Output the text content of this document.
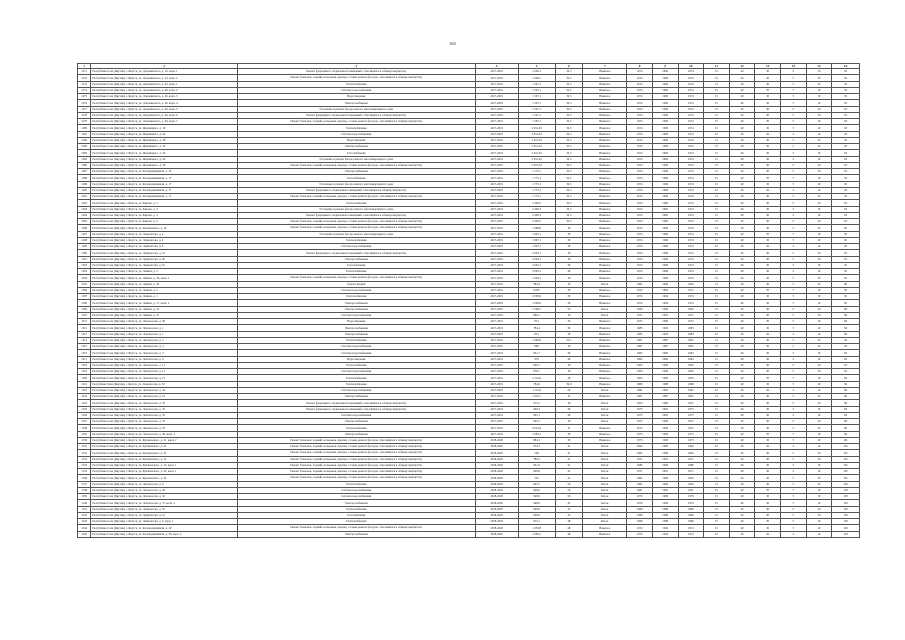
165
1	2	3	4	5	6	7	8	9	10	11	12	13	14	15	16
1271	Республика Саха (Якутия), г. Якутск, ул. Дзержинского, д. 19, корп. 1	Ремонт фундамента, подвальных помещений, относящихся к общему имуществу	2017-2019	1 096,1	32,5	Нежилое	1974	1982	1974	15	40	30	5	10	92
1272	Республика Саха (Якутия), г. Якутск, ул. Дзержинского, д. 19, корп. 2	Ремонт балконов, лоджий, козырьков, крылец, а также ремонт фасадов, относящихся к общему имуществу	2017-2019	1 096,1	32,5	Нежилое	1974	1982	1974	15	40	30	5	10	92
1273	Республика Саха (Якутия), г. Якутск, ул. Дзержинского, д. 46, корп. 1	Теплоснабжение	2017-2019	1 597,1	32,5	Нежилое	1974	1982	1974	15	40	30	5	10	93
1274	Республика Саха (Якутия), г. Якутск, ул. Дзержинского, д. 46, корп. 2	Система водоснабжения	2017-2019	1 597,1	32,5	Нежилое	1974	1982	1974	15	40	30	5	10	93
1275	Республика Саха (Якутия), г. Якутск, ул. Дзержинского, д. 46, корп. 3	Водоотведение	2017-2019	1 597,1	32,5	Нежилое	1974	1982	1974	15	40	30	5	10	93
1276	Республика Саха (Якутия), г. Якутск, ул. Дзержинского, д. 46, корп. 4	Электроснабжение	2017-2019	1 597,1	32,5	Нежилое	1974	1982	1974	15	40	30	5	10	93
1277	Республика Саха (Якутия), г. Якутск, ул. Дзержинского, д. 46, корп. 5	Утепление и ремонт фасада жилого многоквартирного дома	2017-2019	1 597,1	32,5	Нежилое	1974	1982	1974	15	40	30	5	10	93
1278	Республика Саха (Якутия), г. Якутск, ул. Дзержинского, д. 46, корп. 6	Ремонт фундамента, подвальных помещений, относящихся к общему имуществу	2017-2019	1 597,1	32,5	Нежилое	1974	1982	1974	15	40	30	5	10	93
1279	Республика Саха (Якутия), г. Якутск, ул. Дзержинского, д. 46, корп. 7	Ремонт балконов, лоджий, козырьков, крылец, а также ремонт фасадов, относящихся к общему имуществу	2017-2019	1 597,1	32,5	Нежилое	1974	1982	1974	15	40	30	5	10	93
1280	Республика Саха (Якутия), г. Якутск, ул. Жорницкого, д. 19	Теплоснабжение	2017-2019	2 631,29	32,5	Нежилое	1974	1983	1974	15	40	30	5	10	93
1281	Республика Саха (Якутия), г. Якутск, ул. Жорницкого, д. 24	Система водоснабжения	2017-2019	2 631,29	32,5	Нежилое	1974	1983	1974	15	40	30	5	10	93
1282	Республика Саха (Якутия), г. Якутск, ул. Жорницкого, д. 28	Водоотведение	2017-2019	2 631,29	32,5	Нежилое	1974	1983	1974	15	40	30	5	10	93
1283	Республика Саха (Якутия), г. Якутск, ул. Жорницкого, д. 30	Электроснабжение	2017-2019	2 631,29	32,5	Нежилое	1974	1983	1974	15	40	30	5	10	93
1284	Республика Саха (Якутия), г. Якутск, ул. Жорницкого, д. 32	Газоснабжение	2017-2019	2 631,29	32,5	Нежилое	1974	1983	1974	15	40	30	5	10	93
1285	Республика Саха (Якутия), г. Якутск, ул. Жорницкого, д. 29	Утепление и ремонт фасада жилого многоквартирного дома	2017-2019	2 631,29	32,5	Нежилое	1974	1983	1974	15	40	30	5	10	93
1286	Республика Саха (Якутия), г. Якутск, ул. Жорницкого, д. 29	Ремонт балконов, лоджий, козырьков, крылец, а также ремонт фасадов, относящихся к общему имуществу	2017-2019	2 631,29	32,5	Нежилое	1974	1983	1974	15	40	30	5	10	93
1287	Республика Саха (Якутия), г. Якутск, ул. Каландаришвили, д. 19	Электроснабжение	2017-2019	1 775,1	32,5	Нежилое	1974	1984	1974	15	40	30	5	10	93
1288	Республика Саха (Якутия), г. Якутск, ул. Каландаришвили, д. 17	Газоснабжение	2017-2019	1 775,1	32,5	Нежилое	1974	1984	1974	15	40	30	5	10	93
1289	Республика Саха (Якутия), г. Якутск, ул. Каландаришвили, д. 17	Утепление и ремонт фасада жилого многоквартирного дома	2017-2019	1 775,1	32,5	Нежилое	1974	1984	1974	15	40	30	5	10	93
1290	Республика Саха (Якутия), г. Якутск, ул. Каландаришвили, д. 17	Ремонт фундамента, подвальных помещений, относящихся к общему имуществу	2017-2019	1 775,1	32,5	Нежилое	1974	1984	1974	15	40	30	5	10	93
1291	Республика Саха (Якутия), г. Якутск, ул. Каландаришвили, д. 17	Ремонт балконов, лоджий, козырьков, крылец, а также ремонт фасадов, относящихся к общему имуществу	2017-2019	1 775,1	32,5	Нежилое	1974	1984	1974	15	40	30	5	10	93
1292	Республика Саха (Якутия), г. Якутск, ул. Кирова, д. 3	Теплоснабжение	2017-2019	2 409,3	32,5	Нежилое	1974	1985	1974	15	40	30	5	10	93
1293	Республика Саха (Якутия), г. Якутск, ул. Кирова, д. 3	Утепление и ремонт фасада жилого многоквартирного дома	2017-2019	2 409,3	32,5	Нежилое	1974	1985	1974	15	40	30	5	10	93
1294	Республика Саха (Якутия), г. Якутск, ул. Кирова, д. 3	Ремонт фундамента, подвальных помещений, относящихся к общему имуществу	2017-2019	2 409,3	32,5	Нежилое	1974	1985	1974	15	40	30	5	10	93
1295	Республика Саха (Якутия), г. Якутск, ул. Кирова, д. 3	Ремонт балконов, лоджий, козырьков, крылец, а также ремонт фасадов, относящихся к общему имуществу	2017-2019	2 409,3	32,5	Нежилое	1974	1985	1974	15	40	30	5	10	93
1296	Республика Саха (Якутия), г. Якутск, ул. Кулаковского, д. 19	Ремонт балконов, лоджий, козырьков, крылец, а также ремонт фасадов, относящихся к общему имуществу	2017-2019	1 988,6	39	Нежилое	1974	1995	1974	15	40	30	5	10	95
1297	Республика Саха (Якутия), г. Якутск, ул. Лермонтова, д. 4	Утепление и ремонт фасада жилого многоквартирного дома	2017-2019	1 997,1	39	Нежилое	1974	1996	1974	15	40	30	5	10	95
1298	Республика Саха (Якутия), г. Якутск, ул. Лермонтова, д. 4	Теплоснабжение	2017-2019	1 997,1	39	Нежилое	1974	1996	1974	15	40	30	5	10	95
1299	Республика Саха (Якутия), г. Якутск, ул. Лермонтова, д. 4	Система водоснабжения	2017-2019	1 997,1	39	Нежилое	1974	1996	1974	15	40	30	5	10	95
1300	Республика Саха (Якутия), г. Якутск, ул. Лермонтова, д. 19	Ремонт фундамента, подвальных помещений, относящихся к общему имуществу	2017-2019	2 003,1	39	Нежилое	1974	1996	1974	15	40	30	5	10	95
1301	Республика Саха (Якутия), г. Якутск, ул. Лермонтова, д. 28	Электроснабжение	2017-2019	2 003,1	39	Нежилое	1974	1996	1974	15	40	30	5	10	95
1302	Республика Саха (Якутия), г. Якутск, ул. Лермонтова, д. 32	Газоснабжение	2017-2019	2 003,1	39	Нежилое	1974	1996	1974	15	40	30	5	10	95
1303	Республика Саха (Якутия), г. Якутск, ул. Ленина, д. 3	Теплоснабжение	2017-2019	2 003,1	39	Нежилое	1974	1996	1974	15	40	30	5	10	95
1304	Республика Саха (Якутия), г. Якутск, ул. Ленина, д. 30, корп. 2	Ремонт балконов, лоджий, козырьков, крылец, а также ремонт фасадов, относящихся к общему имуществу	2017-2019	1 003,1	39	Нежилое	1974	1996	1974	15	40	30	5	10	95
1305	Республика Саха (Якутия), г. Якутск, ул. Ленина, д. 30	Ремонт крыши	2017-2019	584,4	30	Бетон	1962	1984	1962	15	40	30	5	10	86
1306	Республика Саха (Якутия), г. Якутск, ул. Ленина, д. 2	Система водоснабжения	2017-2019	9 697	39	Нежилое	1972	1992	1972	15	40	30	5	10	95
1307	Республика Саха (Якутия), г. Якутск, ул. Ленина, д. 1	Теплоснабжение	2017-2019	2 009,6	39	Нежилое	1974	1994	1974	15	40	30	5	10	95
1308	Республика Саха (Якутия), г. Якутск, ул. Ленина, д. 17, корп. 2	Электроснабжение	2017-2019	1 009,6	39	Нежилое	1974	1994	1974	15	40	30	5	10	95
1309	Республика Саха (Якутия), г. Якутск, ул. Ленина, д. 22	Электроснабжение	2017-2019	1 598,1	54	Бетон	1956	1984	1956	15	40	30	5	10	84
1310	Республика Саха (Якутия), г. Якутск, ул. Ленина, д. 41	Система водоснабжения	2017-2019	866,1	30	Бетон	1971	1991	1971	15	40	30	5	10	84
1311	Республика Саха (Якутия), г. Якутск, ул. Ломоносова, д. 39	Водоотведение	2017-2019	851	39	Нежилое	1972	1982	1972	15	40	30	5	10	84
1312	Республика Саха (Якутия), г. Якутск, ул. Ломоносова, д. 1	Электроснабжение	2017-2019	784,4	39	Нежилое	1983	1993	1983	15	40	30	5	10	84
1313	Республика Саха (Якутия), г. Якутск, ул. Ломоносова, д. 1	Электроснабжение	2017-2019	831	39	Нежилое	1983	1993	1983	15	40	30	5	10	84
1314	Республика Саха (Якутия), г. Якутск, ул. Ломоносова, д. 2	Теплоснабжение	2017-2019	1 009,6	52,1	Нежилое	1967	1987	1967	15	40	30	5	10	92
1315	Республика Саха (Якутия), г. Якутск, ул. Ломоносова, д. 3	Система водоснабжения	2017-2019	889	39	Нежилое	1967	1987	1967	15	40	30	5	10	92
1316	Республика Саха (Якутия), г. Якутск, ул. Ломоносова, д. 3	Система водоснабжения	2017-2019	831,7	39	Нежилое	1965	1985	1965	15	40	30	5	10	92
1317	Республика Саха (Якутия), г. Якутск, ул. Ломоносова, д. 9	Водоотведение	2017-2019	876	39	Нежилое	1964	1984	1964	15	40	30	5	10	92
1318	Республика Саха (Якутия), г. Якутск, ул. Ломоносова, д. 11	Теплоснабжение	2017-2019	826,1	39	Нежилое	1963	1983	1963	15	40	30	5	10	92
1319	Республика Саха (Якутия), г. Якутск, ул. Ломоносова, д. 11	Система водоснабжения	2017-2019	878,7	39	Нежилое	1963	1983	1963	15	40	30	5	10	92
1320	Республика Саха (Якутия), г. Якутск, ул. Ломоносова, д. 15	Теплоснабжение	2017-2019	2 114,6	39	Нежилое	1963	1983	1963	15	40	30	5	10	84
1321	Республика Saха (Якутия), г. Якутск, ул. Ломоносова, д. 32	Теплоснабжение	2017-2019	784,6	39,9	Нежилое	1968	1988	1968	15	40	30	5	10	84
1322	Республика Саха (Якутия), г. Якутск, ул. Ломоносова, д. 34	Система водоснабжения	2017-2019	1 115,6	29	Бетон	1961	1981	1961	15	40	30	5	10	84
1323	Республика Саха (Якутия), г. Якутск, ул. Ломоносова, д. 15	Электроснабжение	2017-2019	1 010,7	33	Нежилое	1967	1987	1967	15	40	30	5	10	84
1324	Республика Саха (Якутия), г. Якутск, ул. Ломоносова, д. 35	Ремонт фундамента, подвальных помещений, относящихся к общему имуществу	2017-2019	975,3	39	Бетон	1955	1985	1955	15	40	30	5	10	84
1325	Республика Саха (Якутия), г. Якутск, ул. Ломоносова, д. 35	Ремонт фундамента, подвальных помещений, относящихся к общему имуществу	2017-2019	946,3	39	Бетон	1975	1995	1975	15	40	30	5	10	84
1326	Республика Саха (Якутия), г. Якутск, ул. Ломоносова, д. 35	Система водоснабжения	2017-2019	945,1	39	Бетон	1975	1995	1975	15	40	30	5	10	84
1327	Республика Саха (Якутия), г. Якутск, ул. Ломоносова, д. 35	Электроснабжение	2017-2019	945,1	39	Бетон	1975	1995	1975	15	40	30	5	10	84
1328	Республика Саха (Якутия), г. Якутск, ул. Ломоносова, д. 35	Теплоснабжение	2017-2019	2 024,9	31	Нежилое	1972	1992	1972	15	40	30	5	10	84
1329	Республика Саха (Якутия), г. Якутск, ул. Ломоносова, д. 30, корп. 2	Электроснабжение	2017-2019	1 083,1	39	Нежилое	1973	1993	1973	15	40	30	5	10	84
1330	Республика Саха (Якутия), г. Якутск, ул. Кулаковского, д. 21, корп. 2	Ремонт балконов, лоджий, козырьков, крылец, а также ремонт фасадов, относящихся к общему имуществу	2018-2020	984,3	39	Нежилое	1973	1993	1973	15	40	30	5	10	101
1331	Республика Саха (Якутия), г. Якутск, ул. Кулаковского, д. 22	Ремонт балконов, лоджий, козырьков, крылец, а также ремонт фасадов, относящихся к общему имуществу	2018-2020	974,3	41	Бетон	1962	1982	1962	15	40	30	5	10	101
1332	Республика Саха (Якутия), г. Якутск, ул. Кулаковского, д. 22	Ремонт балконов, лоджий, козырьков, крылец, а также ремонт фасадов, относящихся к общему имуществу	2018-2020	548	41	Бетон	1962	1982	1962	15	40	30	5	10	101
1333	Республика Саха (Якутия), г. Якутск, ул. Кулаковского, д. 12	Ремонт балконов, лоджий, козырьков, крылец, а также ремонт фасадов, относящихся к общему имуществу	2018-2020	786,3	41	Бетон	1971	1991	1971	15	40	30	5	10	101
1334	Республика Саха (Якутия), г. Якутск, ул. Кулаковского, д. 25, корп. 1	Ремонт балконов, лоджий, козырьков, крылец, а также ремонт фасадов, относящихся к общему имуществу	2018-2020	951,6	41	Бетон	1986	1996	1986	15	40	30	5	10	101
1335	Республика Саха (Якутия), г. Якутск, ул. Кулаковского, д. 24, корп. 1	Ремонт балконов, лоджий, козырьков, крылец, а также ремонт фасадов, относящихся к общему имуществу	2018-2020	946,8	41	Бетон	1971	1991	1971	15	40	30	5	10	101
1336	Республика Саха (Якутия), г. Якутск, ул. Кулаковского, д. 24	Ремонт балконов, лоджий, козырьков, крылец, а также ремонт фасадов, относящихся к общему имуществу	2018-2020	543	41	Бетон	1962	1982	1962	15	40	30	5	10	101
1337	Республика Саха (Якутия), г. Якутск, ул. Ломоносова, д. 9	Теплоснабжение	2018-2020	845,7	56	Бетон	1962	1982	1962	15	40	30	5	10	103
1338	Республика Саха (Якутия), г. Якутск, ул. Ломоносова, д. 45	Система водоснабжения	2018-2020	948,6	56	Бетон	1961	1981	1961	15	40	30	5	10	103
1339	Республика Саха (Якутия), г. Якутск, ул. Ломоносова, д. 32	Система водоснабжения	2018-2020	948,6	56	Бетон	1979	1999	1979	15	40	30	5	10	103
1340	Республика Саха (Якутия), г. Якутск, ул. Ломоносова, д. 37, корп. 2	Электроснабжение	2018-2020	948,6	45	Бетон	1979	1999	1979	15	40	30	5	10	103
1341	Республика Саха (Якутия), г. Якутск, ул. Лермонтова, д. 35	Теплоснабжение	2018-2020	948,6	45	Бетон	1968	1988	1968	15	40	30	5	10	103
1342	Республика Саха (Якутия), г. Якутск, ул. Лермонтова, д. 12	Газоснабжение	2018-2020	948,6	45	Бетон	1968	1988	1968	15	40	30	5	10	103
1343	Республика Саха (Якутия), г. Якутск, ул. Лермонтова, д. 3, корп. 1	Теплоснабжение	2018-2020	973,1	48	Бетон	1968	1988	1968	15	40	30	5	10	103
1344	Республика Саха (Якутия), г. Якутск, ул. Каландаришвили, д. 10	Ремонт балконов, лоджий, козырьков, крылец, а также ремонт фасадов, относящихся к общему имуществу	2018-2020	1 059,8	48	Нежилое	1972	1992	1972	15	40	30	5	10	103
1345	Республика Саха (Якутия), г. Якутск, ул. Каландаришвили, д. 30, корп. 2	Электроснабжение	2018-2020	1 009,1	48	Нежилое	1972	1992	1972	15	40	30	5	10	103
